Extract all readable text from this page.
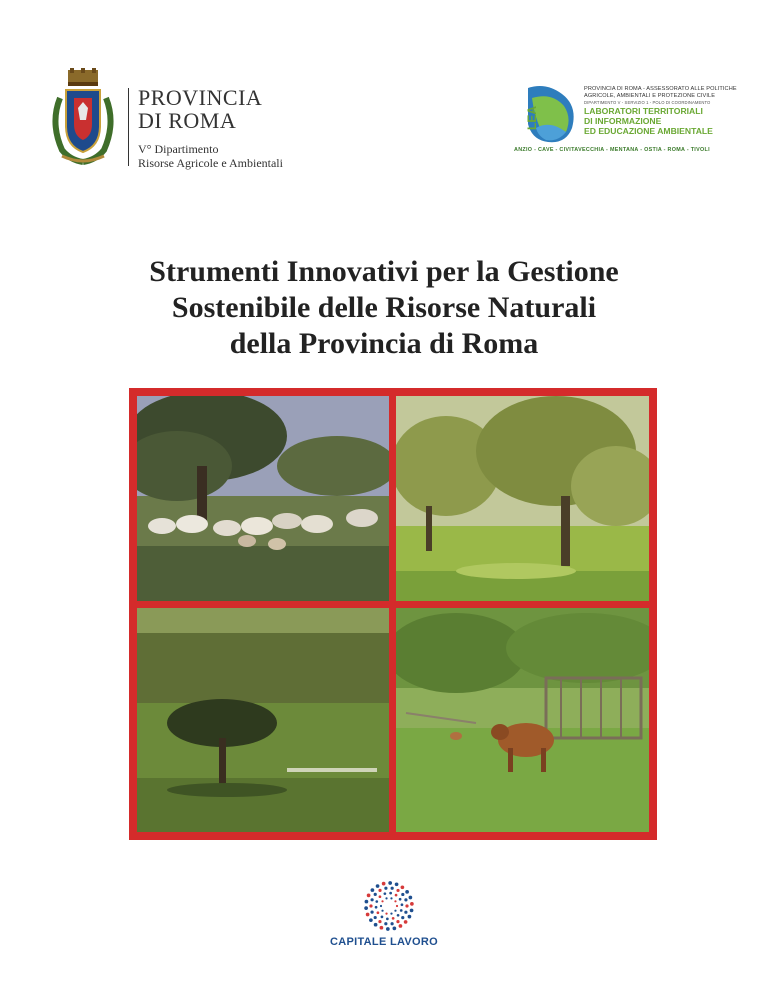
PROVINCIA
DI ROMA
V° Dipartimento
Risorse Agricole e Ambientali
LEA
PROVINCIA DI ROMA - ASSESSORATO ALLE POLITICHE
AGRICOLE, AMBIENTALI E PROTEZIONE CIVILE
DIPARTIMENTO V - SERVIZIO 1 - POLO DI COORDINAMENTO
LABORATORI TERRITORIALI
DI INFORMAZIONE
ED EDUCAZIONE AMBIENTALE
ANZIO - CAVE - CIVITAVECCHIA - MENTANA - OSTIA - ROMA - TIVOLI
Strumenti Innovativi per la Gestione
Sostenibile delle Risorse Naturali
della Provincia di Roma
CAPITALE LAVORO
